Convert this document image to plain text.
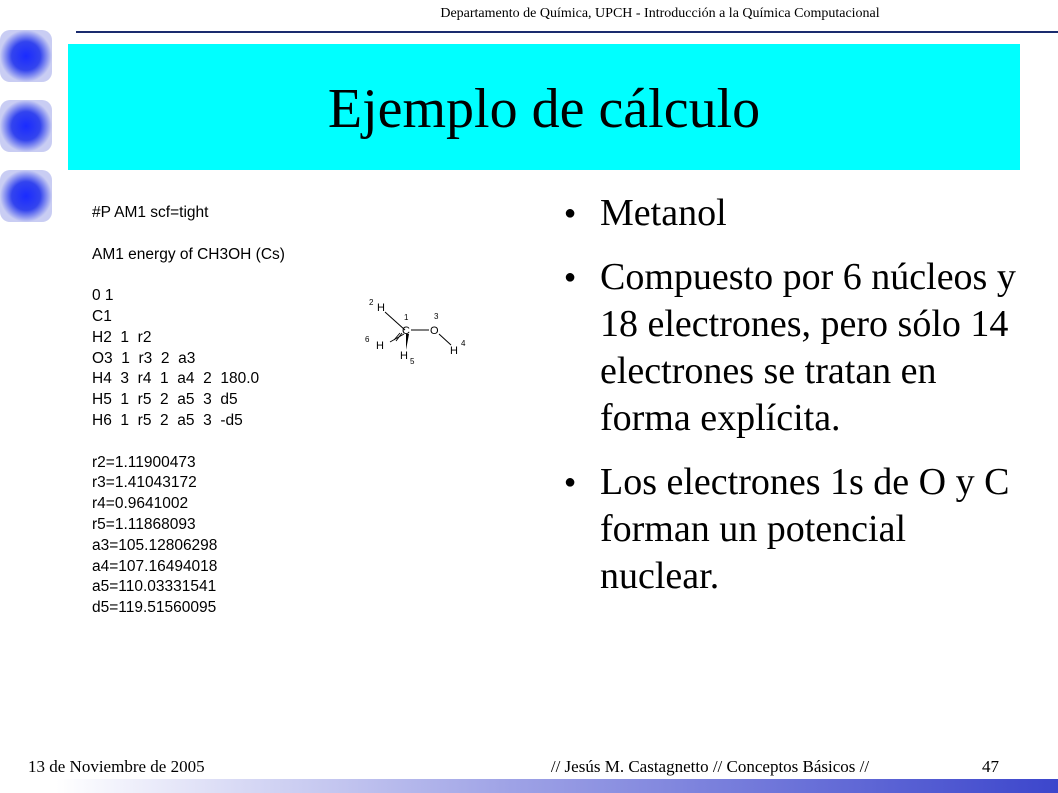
Departamento de Química, UPCH - Introducción a la Química Computacional
Ejemplo de cálculo
#P AM1 scf=tight
AM1 energy of CH3OH (Cs)
0 1
C1
H2  1  r2
O3  1  r3  2  a3
H4  3  r4  1  a4  2  180.0
H5  1  r5  2  a5  3  d5
H6  1  r5  2  a5  3  -d5
r2=1.11900473
r3=1.41043172
r4=0.9641002
r5=1.11868093
a3=105.12806298
a4=107.16494018
a5=110.03331541
d5=119.51560095
H
C O
H
H
H
2
1	3
4
5
6
● Metanol
● Compuesto por 6 núcleos y 18 electrones, pero sólo 14 electrones se tratan en forma explícita.
● Los electrones 1s de O y C forman un potencial nuclear.
13 de Noviembre de 2005	// Jesús M. Castagnetto // Conceptos Básicos //	47
